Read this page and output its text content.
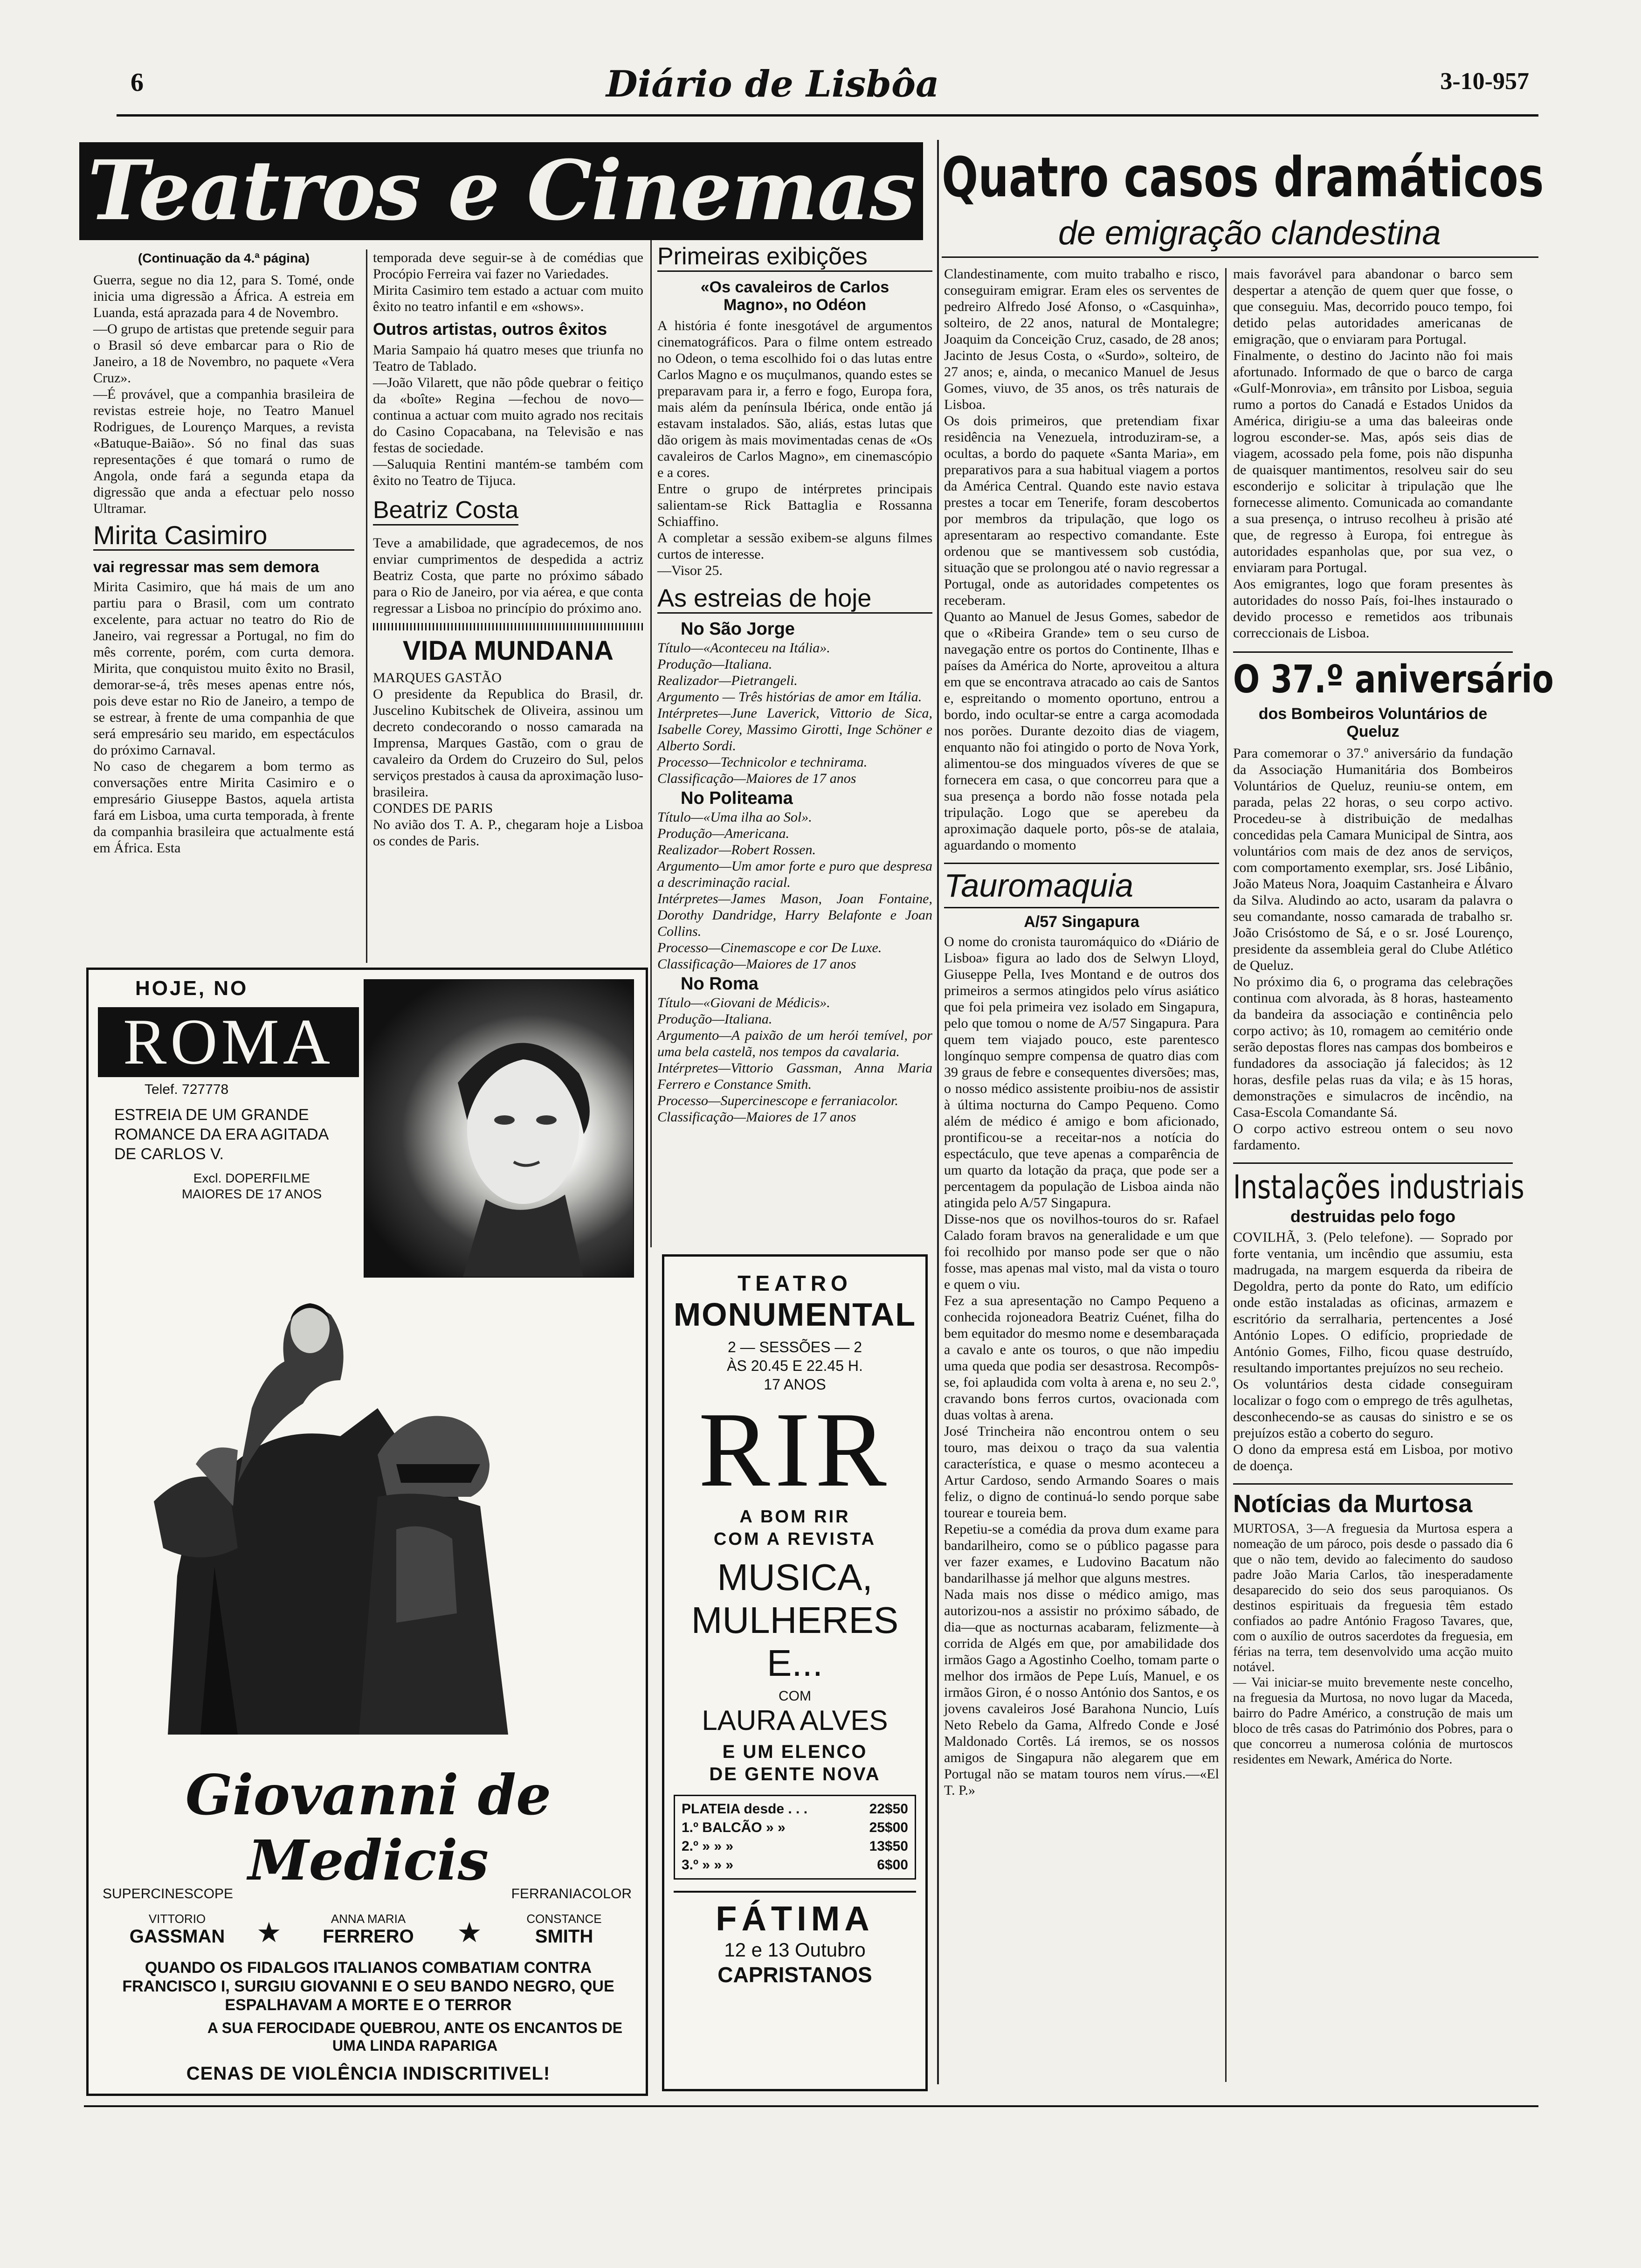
6	Diário de Lisbôa	3-10-957
Teatros e Cinemas
(Continuação da 4.ª página)
Guerra, segue no dia 12, para S. Tomé, onde inicia uma digressão a África. A estreia em Luanda, está aprazada para 4 de Novembro.
—O grupo de artistas que pretende seguir para o Brasil só deve embarcar para o Rio de Janeiro, a 18 de Novembro, no paquete «Vera Cruz».
—É provável, que a companhia brasileira de revistas estreie hoje, no Teatro Manuel Rodrigues, de Lourenço Marques, a revista «Batuque-Baião». Só no final das suas representações é que tomará o rumo de Angola, onde fará a segunda etapa da digressão que anda a efectuar pelo nosso Ultramar.
Mirita Casimiro
vai regressar mas sem demora
Mirita Casimiro, que há mais de um ano partiu para o Brasil, com um contrato excelente, para actuar no teatro do Rio de Janeiro, vai regressar a Portugal, no fim do mês corrente, porém, com curta demora. Mirita, que conquistou muito êxito no Brasil, demorar-se-á, três meses apenas entre nós, pois deve estar no Rio de Janeiro, a tempo de se estrear, à frente de uma companhia de que será empresário seu marido, em espectáculos do próximo Carnaval.
No caso de chegarem a bom termo as conversações entre Mirita Casimiro e o empresário Giuseppe Bastos, aquela artista fará em Lisboa, uma curta temporada, à frente da companhia brasileira que actualmente está em África. Esta
temporada deve seguir-se à de comédias que Procópio Ferreira vai fazer no Variedades.
Mirita Casimiro tem estado a actuar com muito êxito no teatro infantil e em «shows».
Outros artistas, outros êxitos
Maria Sampaio há quatro meses que triunfa no Teatro de Tablado.
—João Vilarett, que não pôde quebrar o feitiço da «boîte» Regina —fechou de novo— continua a actuar com muito agrado nos recitais do Casino Copacabana, na Televisão e nas festas de sociedade.
—Saluquia Rentini mantém-se também com êxito no Teatro de Tijuca.
Beatriz Costa
Teve a amabilidade, que agradecemos, de nos enviar cumprimentos de despedida a actriz Beatriz Costa, que parte no próximo sábado para o Rio de Janeiro, por via aérea, e que conta regressar a Lisboa no princípio do próximo ano.
VIDA MUNDANA
MARQUES GASTÃO
O presidente da Republica do Brasil, dr. Juscelino Kubitschek de Oliveira, assinou um decreto condecorando o nosso camarada na Imprensa, Marques Gastão, com o grau de cavaleiro da Ordem do Cruzeiro do Sul, pelos serviços prestados à causa da aproximação luso-brasileira.
CONDES DE PARIS
No avião dos T. A. P., chegaram hoje a Lisboa os condes de Paris.
Primeiras exibições
«Os cavaleiros de Carlos Magno», no Odéon
A história é fonte inesgotável de argumentos cinematográficos. Para o filme ontem estreado no Odeon, o tema escolhido foi o das lutas entre Carlos Magno e os muçulmanos, quando estes se preparavam para ir, a ferro e fogo, Europa fora, mais além da península Ibérica, onde então já estavam instalados. São, aliás, estas lutas que dão origem às mais movimentadas cenas de «Os cavaleiros de Carlos Magno», em cinemascópio e a cores.
Entre o grupo de intérpretes principais salientam-se Rick Battaglia e Rossanna Schiaffino.
A completar a sessão exibem-se alguns filmes curtos de interesse.
—Visor 25.
As estreias de hoje
No São Jorge
Título—«Aconteceu na Itália».
Produção—Italiana.
Realizador—Pietrangeli.
Argumento — Três histórias de amor em Itália.
Intérpretes—June Laverick, Vittorio de Sica, Isabelle Corey, Massimo Girotti, Inge Schöner e Alberto Sordi.
Processo—Technicolor e technirama.
Classificação—Maiores de 17 anos
No Politeama
Título—«Uma ilha ao Sol».
Produção—Americana.
Realizador—Robert Rossen.
Argumento—Um amor forte e puro que despresa a descriminação racial.
Intérpretes—James Mason, Joan Fontaine, Dorothy Dandridge, Harry Belafonte e Joan Collins.
Processo—Cinemascope e cor De Luxe.
Classificação—Maiores de 17 anos
No Roma
Título—«Giovani de Médicis».
Produção—Italiana.
Argumento—A paixão de um herói temível, por uma bela castelã, nos tempos da cavalaria.
Intérpretes—Vittorio Gassman, Anna Maria Ferrero e Constance Smith.
Processo—Supercinescope e ferraniacolor.
Classificação—Maiores de 17 anos
HOJE, NO
ROMA
Telef. 727778
ESTREIA DE UM GRANDE ROMANCE DA ERA AGITADA DE CARLOS V.
Excl. DOPERFILME
MAIORES DE 17 ANOS
Giovanni de Medicis
SUPERCINESCOPE	FERRANIACOLOR
VITTORIO
GASSMAN	★	ANNA MARIA
FERRERO	★	CONSTANCE
SMITH
QUANDO OS FIDALGOS ITALIANOS COMBATIAM CONTRA FRANCISCO I, SURGIU GIOVANNI E O SEU BANDO NEGRO, QUE ESPALHAVAM A MORTE E O TERROR
A SUA FEROCIDADE QUEBROU, ANTE OS ENCANTOS DE UMA LINDA RAPARIGA
CENAS DE VIOLÊNCIA INDISCRITIVEL!
TEATRO
MONUMENTAL
2 — SESSÕES — 2
ÀS 20.45 E 22.45 H.
17 ANOS
RIR
A BOM RIR
COM A REVISTA
MUSICA,
MULHERES
E...
COM
LAURA ALVES
E UM ELENCO
DE GENTE NOVA
PLATEIA desde . . .	22$50
1.º BALCÃO » »	25$00
2.º » » »	13$50
3.º » » »	6$00
FÁTIMA
12 e 13 Outubro
CAPRISTANOS
Quatro casos dramáticos
de emigração clandestina
Clandestinamente, com muito trabalho e risco, conseguiram emigrar. Eram eles os serventes de pedreiro Alfredo José Afonso, o «Casquinha», solteiro, de 22 anos, natural de Montalegre; Joaquim da Conceição Cruz, casado, de 28 anos; Jacinto de Jesus Costa, o «Surdo», solteiro, de 27 anos; e, ainda, o mecanico Manuel de Jesus Gomes, viuvo, de 35 anos, os três naturais de Lisboa.
Os dois primeiros, que pretendiam fixar residência na Venezuela, introduziram-se, a ocultas, a bordo do paquete «Santa Maria», em preparativos para a sua habitual viagem a portos da América Central. Quando este navio estava prestes a tocar em Tenerife, foram descobertos por membros da tripulação, que logo os apresentaram ao respectivo comandante. Este ordenou que se mantivessem sob custódia, situação que se prolongou até o navio regressar a Portugal, onde as autoridades competentes os receberam.
Quanto ao Manuel de Jesus Gomes, sabedor de que o «Ribeira Grande» tem o seu curso de navegação entre os portos do Continente, Ilhas e países da América do Norte, aproveitou a altura em que se encontrava atracado ao cais de Santos e, espreitando o momento oportuno, entrou a bordo, indo ocultar-se entre a carga acomodada nos porões. Durante dezoito dias de viagem, enquanto não foi atingido o porto de Nova York, alimentou-se dos minguados víveres de que se fornecera em casa, o que concorreu para que a sua presença a bordo não fosse notada pela tripulação. Logo que se aperebeu da aproximação daquele porto, pôs-se de atalaia, aguardando o momento
Tauromaquia
A/57 Singapura
O nome do cronista tauromáquico do «Diário de Lisboa» figura ao lado dos de Selwyn Lloyd, Giuseppe Pella, Ives Montand e de outros dos primeiros a sermos atingidos pelo vírus asiático que foi pela primeira vez isolado em Singapura, pelo que tomou o nome de A/57 Singapura. Para quem tem viajado pouco, este parentesco longínquo sempre compensa de quatro dias com 39 graus de febre e consequentes diversões; mas, o nosso médico assistente proibiu-nos de assistir à última nocturna do Campo Pequeno. Como além de médico é amigo e bom aficionado, prontificou-se a receitar-nos a notícia do espectáculo, que teve apenas a comparência de um quarto da lotação da praça, que pode ser a percentagem da população de Lisboa ainda não atingida pelo A/57 Singapura.
Disse-nos que os novilhos-touros do sr. Rafael Calado foram bravos na generalidade e um que foi recolhido por manso pode ser que o não fosse, mas apenas mal visto, mal da vista o touro e quem o viu.
Fez a sua apresentação no Campo Pequeno a conhecida rojoneadora Beatriz Cuénet, filha do bem equitador do mesmo nome e desembaraçada a cavalo e ante os touros, o que não impediu uma queda que podia ser desastrosa. Recompôs-se, foi aplaudida com volta à arena e, no seu 2.º, cravando bons ferros curtos, ovacionada com duas voltas à arena.
José Trincheira não encontrou ontem o seu touro, mas deixou o traço da sua valentia característica, e quase o mesmo aconteceu a Artur Cardoso, sendo Armando Soares o mais feliz, o digno de continuá-lo sendo porque sabe tourear e toureia bem.
Repetiu-se a comédia da prova dum exame para bandarilheiro, como se o público pagasse para ver fazer exames, e Ludovino Bacatum não bandarilhasse já melhor que alguns mestres.
Nada mais nos disse o médico amigo, mas autorizou-nos a assistir no próximo sábado, de dia—que as nocturnas acabaram, felizmente—à corrida de Algés em que, por amabilidade dos irmãos Gago a Agostinho Coelho, tomam parte o melhor dos irmãos de Pepe Luís, Manuel, e os irmãos Giron, é o nosso António dos Santos, e os jovens cavaleiros José Barahona Nuncio, Luís Neto Rebelo da Gama, Alfredo Conde e José Maldonado Cortês. Lá iremos, se os nossos amigos de Singapura não alegarem que em Portugal não se matam touros nem vírus.—«El T. P.»
mais favorável para abandonar o barco sem despertar a atenção de quem quer que fosse, o que conseguiu. Mas, decorrido pouco tempo, foi detido pelas autoridades americanas de emigração, que o enviaram para Portugal.
Finalmente, o destino do Jacinto não foi mais afortunado. Informado de que o barco de carga «Gulf-Monrovia», em trânsito por Lisboa, seguia rumo a portos do Canadá e Estados Unidos da América, dirigiu-se a uma das baleeiras onde logrou esconder-se. Mas, após seis dias de viagem, acossado pela fome, pois não dispunha de quaisquer mantimentos, resolveu sair do seu esconderijo e solicitar à tripulação que lhe fornecesse alimento. Comunicada ao comandante a sua presença, o intruso recolheu à prisão até que, de regresso à Europa, foi entregue às autoridades espanholas que, por sua vez, o enviaram para Portugal.
Aos emigrantes, logo que foram presentes às autoridades do nosso País, foi-lhes instaurado o devido processo e remetidos aos tribunais correccionais de Lisboa.
O 37.º aniversário
dos Bombeiros Voluntários de Queluz
Para comemorar o 37.º aniversário da fundação da Associação Humanitária dos Bombeiros Voluntários de Queluz, reuniu-se ontem, em parada, pelas 22 horas, o seu corpo activo. Procedeu-se à distribuição de medalhas concedidas pela Camara Municipal de Sintra, aos voluntários com mais de dez anos de serviços, com comportamento exemplar, srs. José Libânio, João Mateus Nora, Joaquim Castanheira e Álvaro da Silva. Aludindo ao acto, usaram da palavra o seu comandante, nosso camarada de trabalho sr. João Crisóstomo de Sá, e o sr. José Lourenço, presidente da assembleia geral do Clube Atlético de Queluz.
No próximo dia 6, o programa das celebrações continua com alvorada, às 8 horas, hasteamento da bandeira da associação e continência pelo corpo activo; às 10, romagem ao cemitério onde serão depostas flores nas campas dos bombeiros e fundadores da associação já falecidos; às 12 horas, desfile pelas ruas da vila; e às 15 horas, demonstrações e simulacros de incêndio, na Casa-Escola Comandante Sá.
O corpo activo estreou ontem o seu novo fardamento.
Instalações industriais
destruidas pelo fogo
COVILHÃ, 3. (Pelo telefone). — Soprado por forte ventania, um incêndio que assumiu, esta madrugada, na margem esquerda da ribeira de Degoldra, perto da ponte do Rato, um edifício onde estão instaladas as oficinas, armazem e escritório da serralharia, pertencentes a José António Lopes. O edifício, propriedade de António Gomes, Filho, ficou quase destruído, resultando importantes prejuízos no seu recheio.
Os voluntários desta cidade conseguiram localizar o fogo com o emprego de três agulhetas, desconhecendo-se as causas do sinistro e se os prejuízos estão a coberto do seguro.
O dono da empresa está em Lisboa, por motivo de doença.
Notícias da Murtosa
MURTOSA, 3—A freguesia da Murtosa espera a nomeação de um pároco, pois desde o passado dia 6 que o não tem, devido ao falecimento do saudoso padre João Maria Carlos, tão inesperadamente desaparecido do seio dos seus paroquianos. Os destinos espirituais da freguesia têm estado confiados ao padre António Fragoso Tavares, que, com o auxílio de outros sacerdotes da freguesia, em férias na terra, tem desenvolvido uma acção muito notável.
— Vai iniciar-se muito brevemente neste concelho, na freguesia da Murtosa, no novo lugar da Maceda, bairro do Padre Américo, a construção de mais um bloco de três casas do Património dos Pobres, para o que concorreu a numerosa colónia de murtoscos residentes em Newark, América do Norte.
